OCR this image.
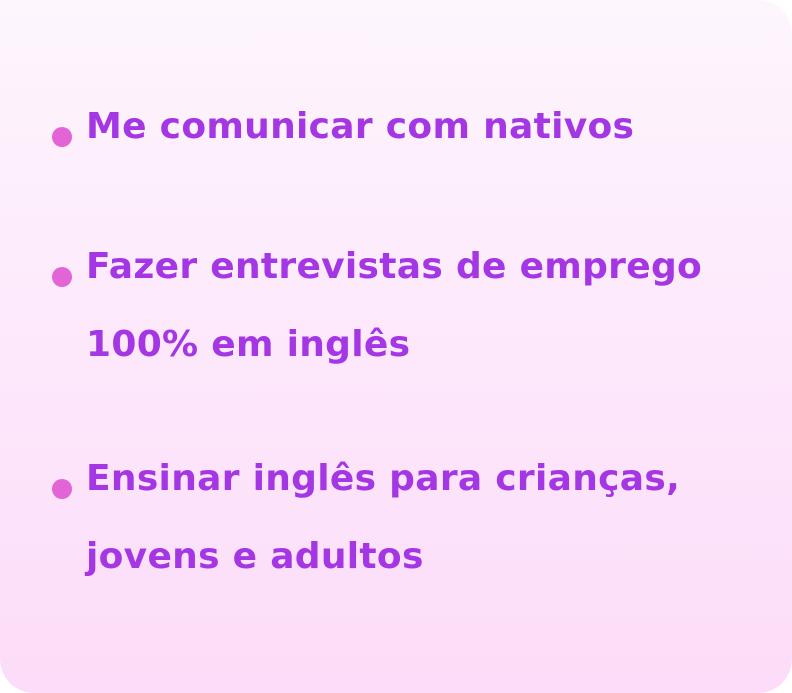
Me comunicar com nativos
Fazer entrevistas de emprego 100% em inglês
Ensinar inglês para crianças, jovens e adultos
